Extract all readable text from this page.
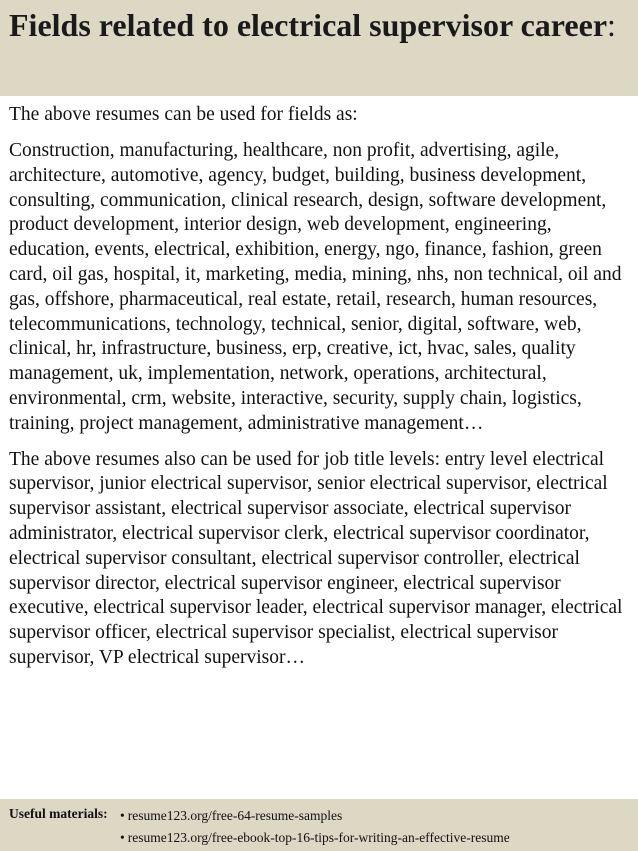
Fields related to electrical supervisor career:

The above resumes can be used for fields as:

Construction, manufacturing, healthcare, non profit, advertising, agile, architecture, automotive, agency, budget, building, business development, consulting, communication, clinical research, design, software development, product development, interior design, web development, engineering, education, events, electrical, exhibition, energy, ngo, finance, fashion, green card, oil gas, hospital, it, marketing, media, mining, nhs, non technical, oil and gas, offshore, pharmaceutical, real estate, retail, research, human resources, telecommunications, technology, technical, senior, digital, software, web, clinical, hr, infrastructure, business, erp, creative, ict, hvac, sales, quality management, uk, implementation, network, operations, architectural, environmental, crm, website, interactive, security, supply chain, logistics, training, project management, administrative management…

The above resumes also can be used for job title levels: entry level electrical supervisor, junior electrical supervisor, senior electrical supervisor, electrical supervisor assistant, electrical supervisor associate, electrical supervisor administrator, electrical supervisor clerk, electrical supervisor coordinator, electrical supervisor consultant, electrical supervisor controller, electrical supervisor director, electrical supervisor engineer, electrical supervisor executive, electrical supervisor leader, electrical supervisor manager, electrical supervisor officer, electrical supervisor specialist, electrical supervisor supervisor, VP electrical supervisor…

Useful materials: • resume123.org/free-64-resume-samples
• resume123.org/free-ebook-top-16-tips-for-writing-an-effective-resume
